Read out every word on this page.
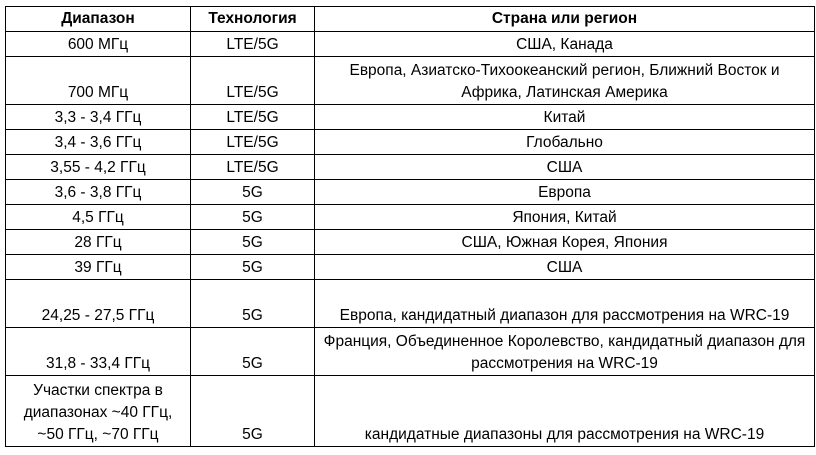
Диапазон	Технология	Страна или регион
600 МГц	LTE/5G	США, Канада
700 МГц	LTE/5G	Европа, Азиатско-Тихоокеанский регион, Ближний Восток и Африка, Латинская Америка
3,3 - 3,4 ГГц	LTE/5G	Китай
3,4 - 3,6 ГГц	LTE/5G	Глобально
3,55 - 4,2 ГГц	LTE/5G	США
3,6 - 3,8 ГГц	5G	Европа
4,5 ГГц	5G	Япония, Китай
28 ГГц	5G	США, Южная Корея, Япония
39 ГГц	5G	США
24,25 - 27,5 ГГц	5G	Европа, кандидатный диапазон для рассмотрения на WRC-19
31,8 - 33,4 ГГц	5G	Франция, Объединенное Королевство, кандидатный диапазон для рассмотрения на WRC-19
Участки спектра в диапазонах ~40 ГГц, ~50 ГГц, ~70 ГГц	5G	кандидатные диапазоны для рассмотрения на WRC-19
